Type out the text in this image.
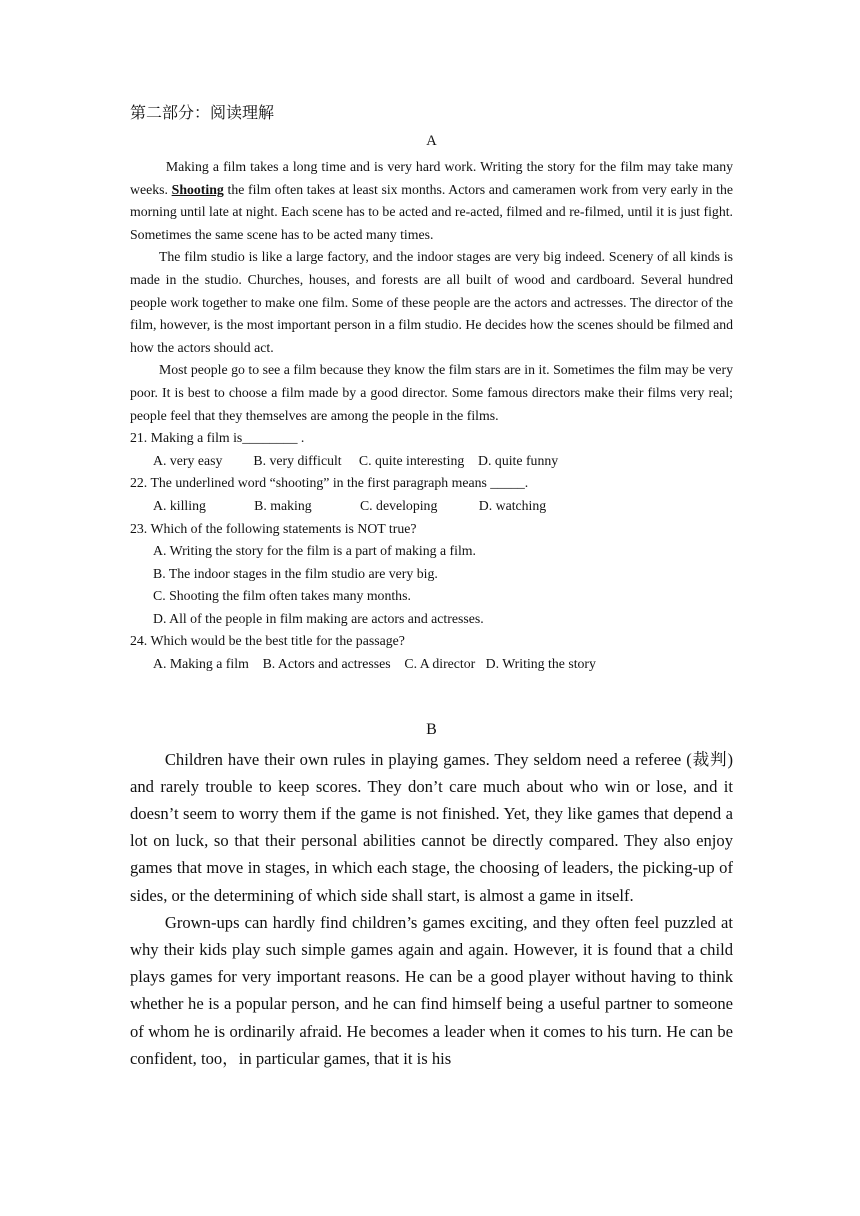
第二部分：阅读理解
A

Making a film takes a long time and is very hard work. Writing the story for the film may take many weeks. Shooting the film often takes at least six months. Actors and cameramen work from very early in the morning until late at night. Each scene has to be acted and re-acted, filmed and re-filmed, until it is just fight. Sometimes the same scene has to be acted many times.

The film studio is like a large factory, and the indoor stages are very big indeed. Scenery of all kinds is made in the studio. Churches, houses, and forests are all built of wood and cardboard. Several hundred people work together to make one film. Some of these people are the actors and actresses. The director of the film, however, is the most important person in a film studio. He decides how the scenes should be filmed and how the actors should act.

Most people go to see a film because they know the film stars are in it. Sometimes the film may be very poor. It is best to choose a film made by a good director. Some famous directors make their films very real; people feel that they themselves are among the people in the films.

21. Making a film is________ .
A. very easy         B. very difficult     C. quite interesting    D. quite funny
22. The underlined word “shooting” in the first paragraph means _____.
A. killing              B. making              C. developing            D. watching
23. Which of the following statements is NOT true?
A. Writing the story for the film is a part of making a film.
B. The indoor stages in the film studio are very big.
C. Shooting the film often takes many months.
D. All of the people in film making are actors and actresses.
24. Which would be the best title for the passage?
A. Making a film    B. Actors and actresses    C. A director   D. Writing the story
B

Children have their own rules in playing games. They seldom need a referee (裁判) and rarely trouble to keep scores. They don’t care much about who win or lose, and it doesn’t seem to worry them if the game is not finished. Yet, they like games that depend a lot on luck, so that their personal abilities cannot be directly compared. They also enjoy games that move in stages, in which each stage, the choosing of leaders, the picking-up of sides, or the determining of which side shall start, is almost a game in itself.

Grown-ups can hardly find children’s games exciting, and they often feel puzzled at why their kids play such simple games again and again. However, it is found that a child plays games for very important reasons. He can be a good player without having to think whether he is a popular person, and he can find himself being a useful partner to someone of whom he is ordinarily afraid. He becomes a leader when it comes to his turn. He can be confident, too，in particular games, that it is his
